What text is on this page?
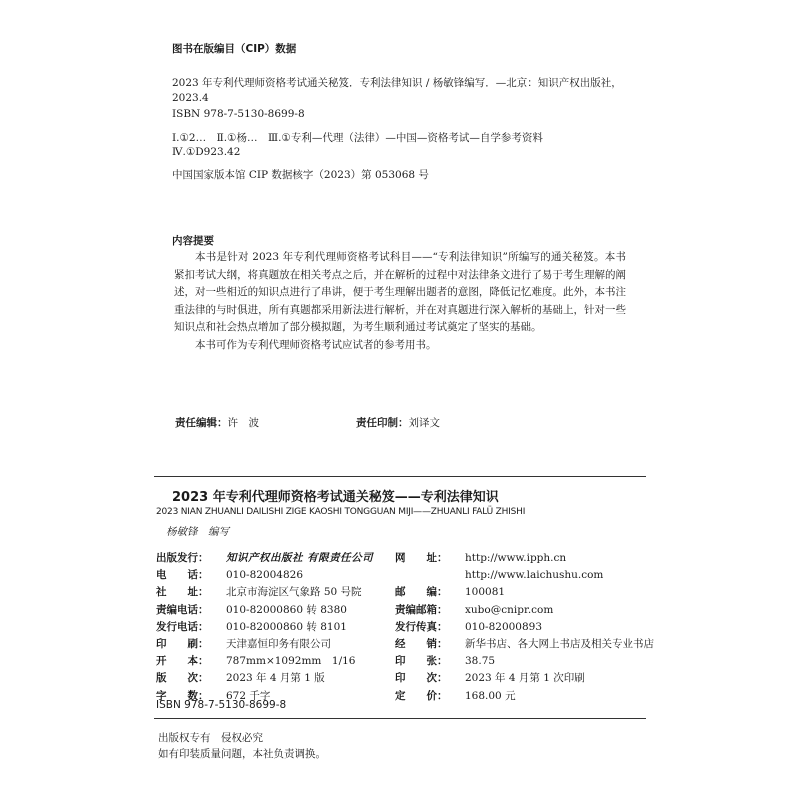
图书在版编目（CIP）数据
2023 年专利代理师资格考试通关秘笈．专利法律知识 / 杨敏锋编写．—北京：知识产权出版社，
2023.4
ISBN 978-7-5130-8699-8
Ⅰ.①2…　Ⅱ.①杨…　Ⅲ.①专利—代理（法律）—中国—资格考试—自学参考资料
Ⅳ.①D923.42
中国国家版本馆 CIP 数据核字（2023）第 053068 号
内容提要

本书是针对 2023 年专利代理师资格考试科目——“专利法律知识”所编写的通关秘笈。本书紧扣考试大纲，将真题放在相关考点之后，并在解析的过程中对法律条文进行了易于考生理解的阐述，对一些相近的知识点进行了串讲，便于考生理解出题者的意图，降低记忆难度。此外，本书注重法律的与时俱进，所有真题都采用新法进行解析，并在对真题进行深入解析的基础上，针对一些知识点和社会热点增加了部分模拟题，为考生顺利通过考试奠定了坚实的基础。

本书可作为专利代理师资格考试应试者的参考用书。

责任编辑：许　波	责任印制：刘译文
2023 年专利代理师资格考试通关秘笈——专利法律知识
2023 NIAN ZHUANLI DAILISHI ZIGE KAOSHI TONGGUAN MIJI——ZHUANLI FALÜ ZHISHI
杨敏锋　编写
出版发行： 知识产权出版社 有限责任公司
电　　话： 010-82004826
社　　址： 北京市海淀区气象路 50 号院
责编电话： 010-82000860 转 8380
发行电话： 010-82000860 转 8101
印　　刷： 天津嘉恒印务有限公司
开　　本： 787mm×1092mm　1/16
版　　次： 2023 年 4 月第 1 版
字　　数： 672 千字
网　　址： http://www.ipph.cn
http://www.laichushu.com
邮　　编： 100081
责编邮箱： xubo@cnipr.com
发行传真： 010-82000893
经　　销： 新华书店、各大网上书店及相关专业书店
印　　张： 38.75
印　　次： 2023 年 4 月第 1 次印刷
定　　价： 168.00 元
ISBN 978-7-5130-8699-8
出版权专有　侵权必究
如有印装质量问题，本社负责调换。
